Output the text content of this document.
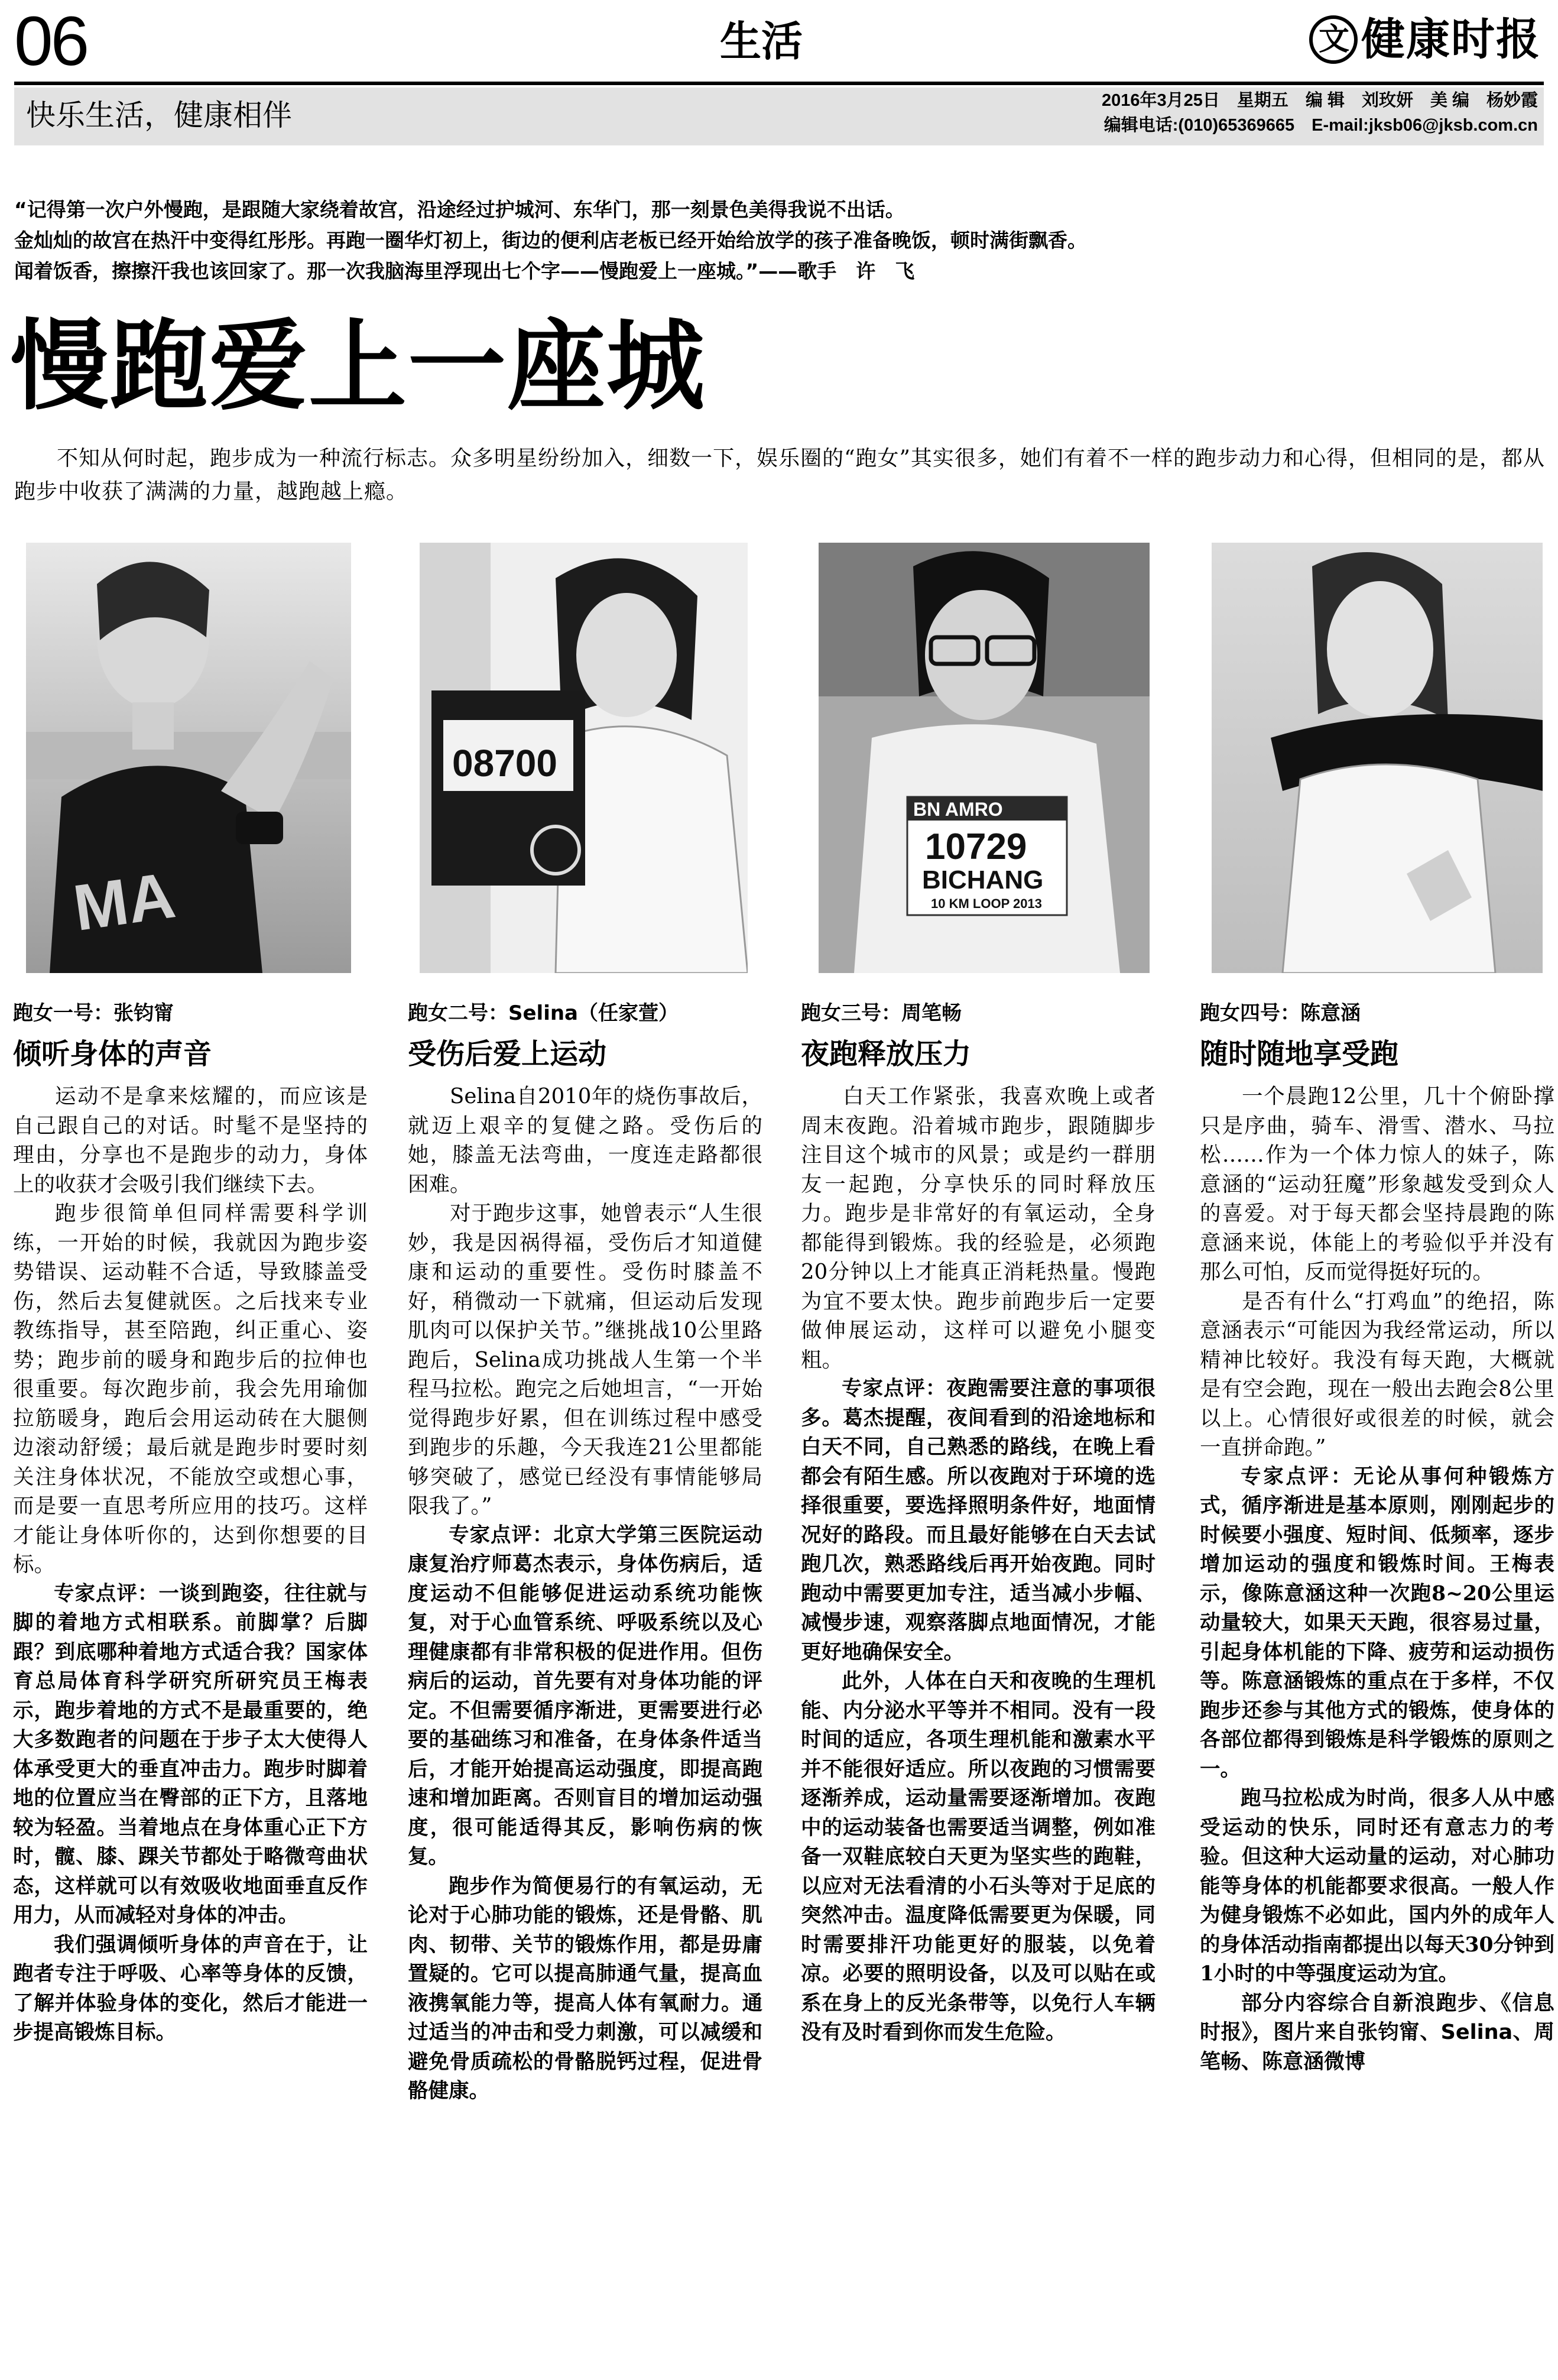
06	生活	文 健康时报
快乐生活，健康相伴	2016年3月25日　星期五　编 辑　刘玫妍　美 编　杨妙霞
编辑电话:(010)65369665　E-mail:jksb06@jksb.com.cn
“记得第一次户外慢跑，是跟随大家绕着故宫，沿途经过护城河、东华门，那一刻景色美得我说不出话。
金灿灿的故宫在热汗中变得红彤彤。再跑一圈华灯初上，街边的便利店老板已经开始给放学的孩子准备晚饭，顿时满街飘香。
闻着饭香，擦擦汗我也该回家了。那一次我脑海里浮现出七个字——慢跑爱上一座城。”——歌手　许　飞
慢跑爱上一座城
不知从何时起，跑步成为一种流行标志。众多明星纷纷加入，细数一下，娱乐圈的“跑女”其实很多，她们有着不一样的跑步动力和心得，但相同的是，都从跑步中收获了满满的力量，越跑越上瘾。
MA
08700
BN AMRO
10729
BICHANG
10 KM LOOP 2013
跑女一号：张钧甯
倾听身体的声音

运动不是拿来炫耀的，而应该是自己跟自己的对话。时髦不是坚持的理由，分享也不是跑步的动力，身体上的收获才会吸引我们继续下去。

跑步很简单但同样需要科学训练，一开始的时候，我就因为跑步姿势错误、运动鞋不合适，导致膝盖受伤，然后去复健就医。之后找来专业教练指导，甚至陪跑，纠正重心、姿势；跑步前的暖身和跑步后的拉伸也很重要。每次跑步前，我会先用瑜伽拉筋暖身，跑后会用运动砖在大腿侧边滚动舒缓；最后就是跑步时要时刻关注身体状况，不能放空或想心事，而是要一直思考所应用的技巧。这样才能让身体听你的，达到你想要的目标。

专家点评：一谈到跑姿，往往就与脚的着地方式相联系。前脚掌？后脚跟？到底哪种着地方式适合我？国家体育总局体育科学研究所研究员王梅表示，跑步着地的方式不是最重要的，绝大多数跑者的问题在于步子太大使得人体承受更大的垂直冲击力。跑步时脚着地的位置应当在臀部的正下方，且落地较为轻盈。当着地点在身体重心正下方时，髋、膝、踝关节都处于略微弯曲状态，这样就可以有效吸收地面垂直反作用力，从而减轻对身体的冲击。

我们强调倾听身体的声音在于，让跑者专注于呼吸、心率等身体的反馈，了解并体验身体的变化，然后才能进一步提高锻炼目标。

跑女二号：Selina（任家萱）
受伤后爱上运动

Selina自2010年的烧伤事故后，就迈上艰辛的复健之路。受伤后的她，膝盖无法弯曲，一度连走路都很困难。

对于跑步这事，她曾表示“人生很妙，我是因祸得福，受伤后才知道健康和运动的重要性。受伤时膝盖不好，稍微动一下就痛，但运动后发现肌肉可以保护关节。”继挑战10公里路跑后，Selina成功挑战人生第一个半程马拉松。跑完之后她坦言，“一开始觉得跑步好累，但在训练过程中感受到跑步的乐趣，今天我连21公里都能够突破了，感觉已经没有事情能够局限我了。”

专家点评：北京大学第三医院运动康复治疗师葛杰表示，身体伤病后，适度运动不但能够促进运动系统功能恢复，对于心血管系统、呼吸系统以及心理健康都有非常积极的促进作用。但伤病后的运动，首先要有对身体功能的评定。不但需要循序渐进，更需要进行必要的基础练习和准备，在身体条件适当后，才能开始提高运动强度，即提高跑速和增加距离。否则盲目的增加运动强度，很可能适得其反，影响伤病的恢复。

跑步作为简便易行的有氧运动，无论对于心肺功能的锻炼，还是骨骼、肌肉、韧带、关节的锻炼作用，都是毋庸置疑的。它可以提高肺通气量，提高血液携氧能力等，提高人体有氧耐力。通过适当的冲击和受力刺激，可以减缓和避免骨质疏松的骨骼脱钙过程，促进骨骼健康。

跑女三号：周笔畅
夜跑释放压力

白天工作紧张，我喜欢晚上或者周末夜跑。沿着城市跑步，跟随脚步注目这个城市的风景；或是约一群朋友一起跑，分享快乐的同时释放压力。跑步是非常好的有氧运动，全身都能得到锻炼。我的经验是，必须跑20分钟以上才能真正消耗热量。慢跑为宜不要太快。跑步前跑步后一定要做伸展运动，这样可以避免小腿变粗。

专家点评：夜跑需要注意的事项很多。葛杰提醒，夜间看到的沿途地标和白天不同，自己熟悉的路线，在晚上看都会有陌生感。所以夜跑对于环境的选择很重要，要选择照明条件好，地面情况好的路段。而且最好能够在白天去试跑几次，熟悉路线后再开始夜跑。同时跑动中需要更加专注，适当减小步幅、减慢步速，观察落脚点地面情况，才能更好地确保安全。

此外，人体在白天和夜晚的生理机能、内分泌水平等并不相同。没有一段时间的适应，各项生理机能和激素水平并不能很好适应。所以夜跑的习惯需要逐渐养成，运动量需要逐渐增加。夜跑中的运动装备也需要适当调整，例如准备一双鞋底较白天更为坚实些的跑鞋，以应对无法看清的小石头等对于足底的突然冲击。温度降低需要更为保暖，同时需要排汗功能更好的服装，以免着凉。必要的照明设备，以及可以贴在或系在身上的反光条带等，以免行人车辆没有及时看到你而发生危险。

跑女四号：陈意涵
随时随地享受跑

一个晨跑12公里，几十个俯卧撑只是序曲，骑车、滑雪、潜水、马拉松……作为一个体力惊人的妹子，陈意涵的“运动狂魔”形象越发受到众人的喜爱。对于每天都会坚持晨跑的陈意涵来说，体能上的考验似乎并没有那么可怕，反而觉得挺好玩的。

是否有什么“打鸡血”的绝招，陈意涵表示“可能因为我经常运动，所以精神比较好。我没有每天跑，大概就是有空会跑，现在一般出去跑会8公里以上。心情很好或很差的时候，就会一直拼命跑。”

专家点评：无论从事何种锻炼方式，循序渐进是基本原则，刚刚起步的时候要小强度、短时间、低频率，逐步增加运动的强度和锻炼时间。王梅表示，像陈意涵这种一次跑8~20公里运动量较大，如果天天跑，很容易过量，引起身体机能的下降、疲劳和运动损伤等。陈意涵锻炼的重点在于多样，不仅跑步还参与其他方式的锻炼，使身体的各部位都得到锻炼是科学锻炼的原则之一。

跑马拉松成为时尚，很多人从中感受运动的快乐，同时还有意志力的考验。但这种大运动量的运动，对心肺功能等身体的机能都要求很高。一般人作为健身锻炼不必如此，国内外的成年人的身体活动指南都提出以每天30分钟到1小时的中等强度运动为宜。

部分内容综合自新浪跑步、《信息时报》，图片来自张钧甯、Selina、周笔畅、陈意涵微博
